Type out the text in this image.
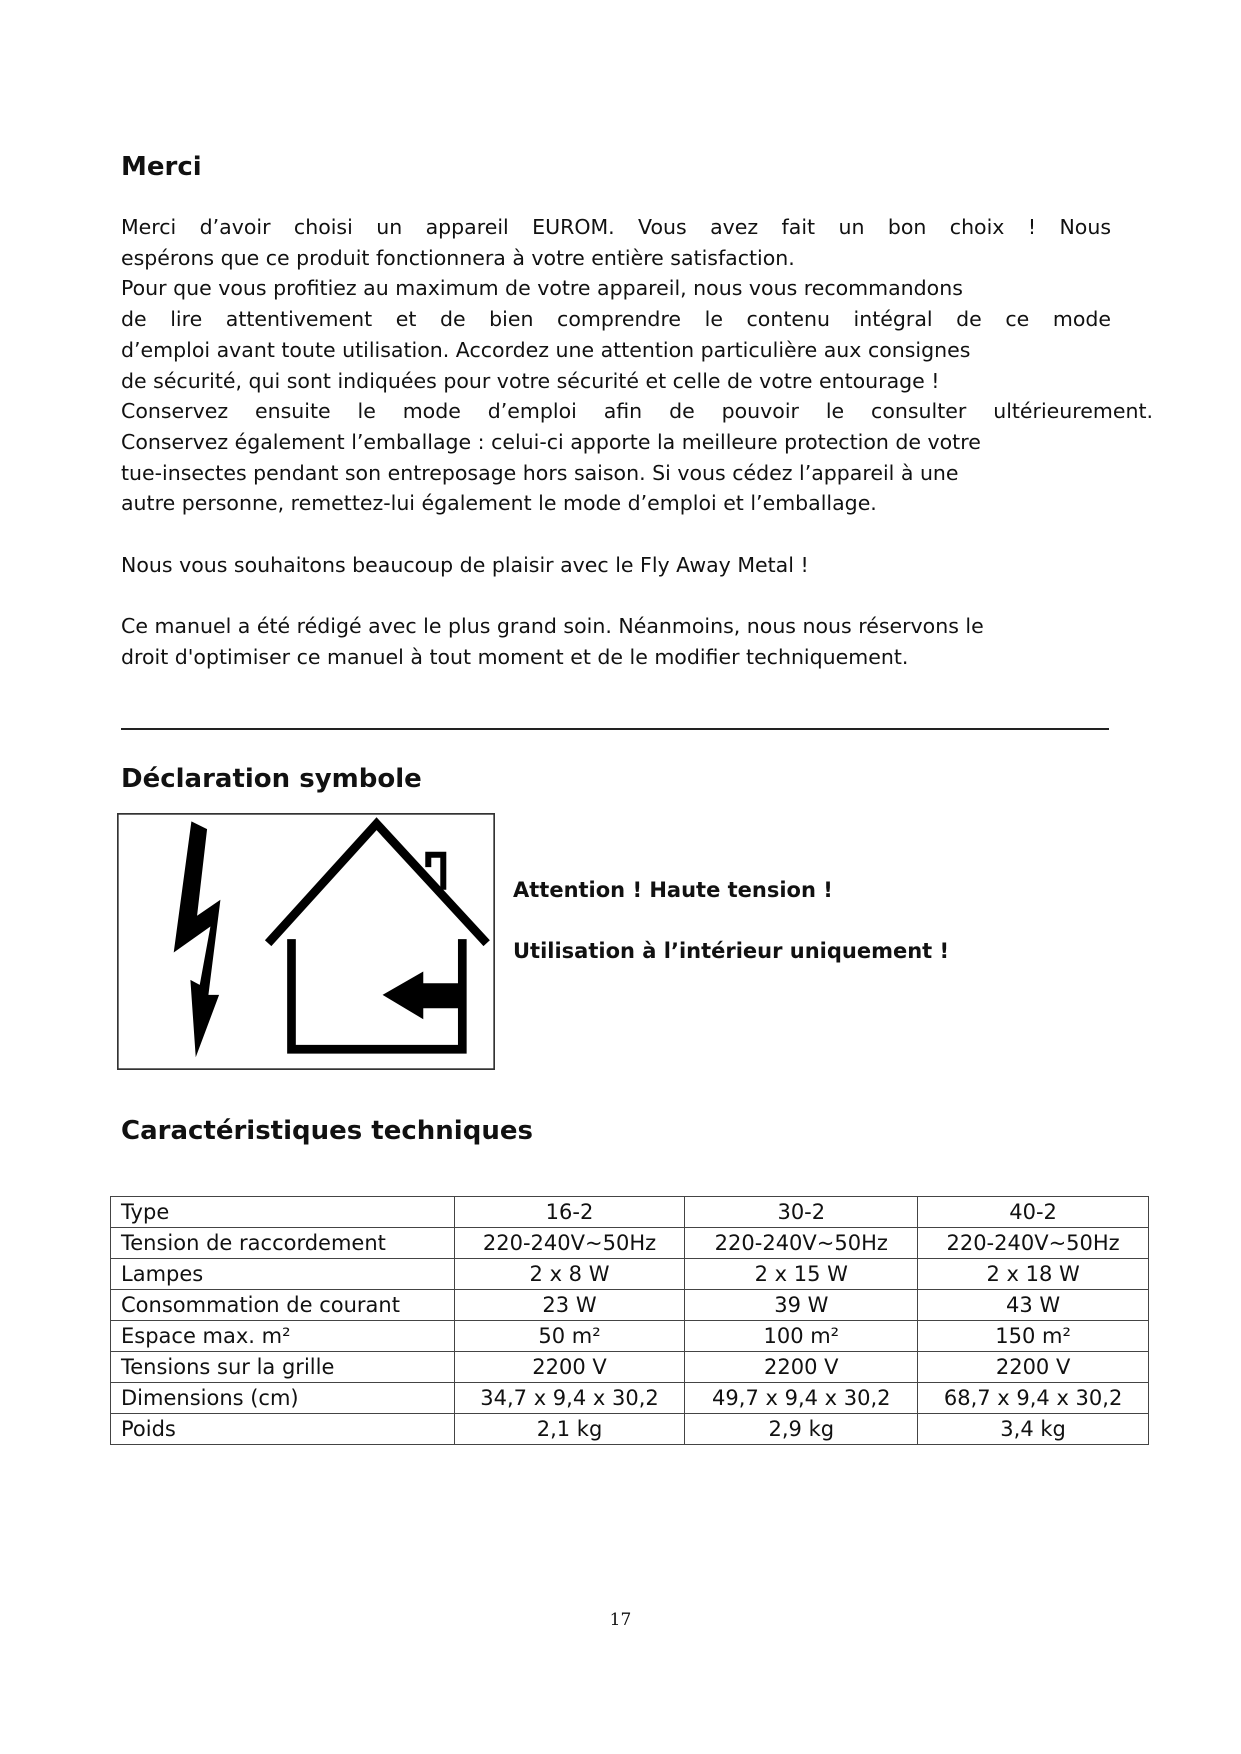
Merci
Merci d’avoir choisi un appareil EUROM. Vous avez fait un bon choix ! Nous
espérons que ce produit fonctionnera à votre entière satisfaction.
Pour que vous profitiez au maximum de votre appareil, nous vous recommandons
de lire attentivement et de bien comprendre le contenu intégral de ce mode
d’emploi avant toute utilisation. Accordez une attention particulière aux consignes
de sécurité, qui sont indiquées pour votre sécurité et celle de votre entourage !
Conservez ensuite le mode d’emploi afin de pouvoir le consulter ultérieurement.
Conservez également l’emballage : celui-ci apporte la meilleure protection de votre
tue-insectes pendant son entreposage hors saison. Si vous cédez l’appareil à une
autre personne, remettez-lui également le mode d’emploi et l’emballage.
Nous vous souhaitons beaucoup de plaisir avec le Fly Away Metal !
Ce manuel a été rédigé avec le plus grand soin. Néanmoins, nous nous réservons le
droit d'optimiser ce manuel à tout moment et de le modifier techniquement.
Déclaration symbole
Attention ! Haute tension !
Utilisation à l’intérieur uniquement !
Caractéristiques techniques
Type	16-2	30-2	40-2
Tension de raccordement	220-240V~50Hz	220-240V~50Hz	220-240V~50Hz
Lampes	2 x 8 W	2 x 15 W	2 x 18 W
Consommation de courant	23 W	39 W	43 W
Espace max. m²	50 m²	100 m²	150 m²
Tensions sur la grille	2200 V	2200 V	2200 V
Dimensions (cm)	34,7 x 9,4 x 30,2	49,7 x 9,4 x 30,2	68,7 x 9,4 x 30,2
Poids	2,1 kg	2,9 kg	3,4 kg
17
